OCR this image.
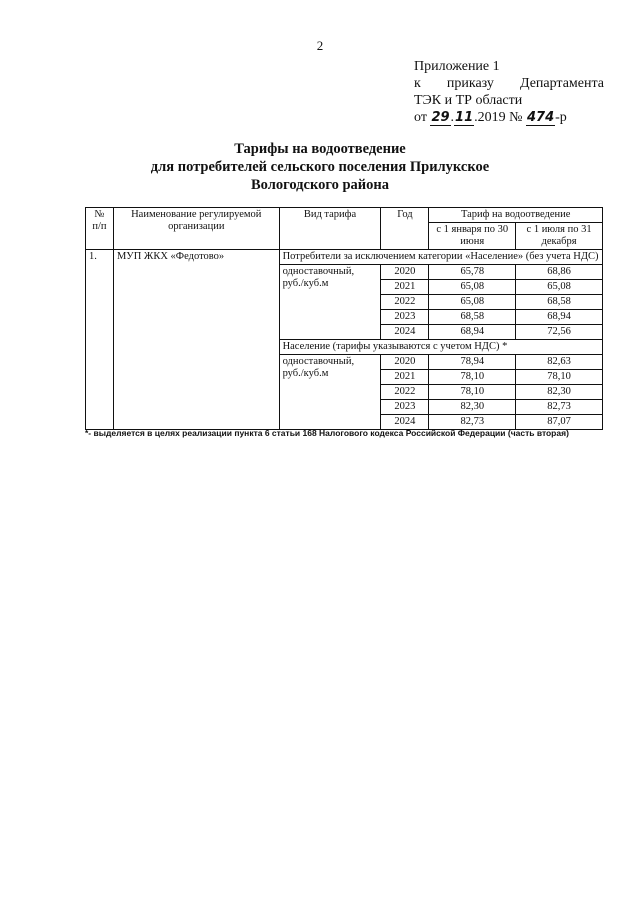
2
Приложение 1
к приказу Департамента
ТЭК и ТР области
от 29.11.2019 № 474-р
Тарифы на водоотведение
для потребителей сельского поселения Прилукское
Вологодского района
№ п/п	Наименование регулируемой организации	Вид тарифа	Год	Тариф на водоотведение	
				с 1 января по 30 июня	с 1 июля по 31 декабря
1.	МУП ЖКХ «Федотово»	Потребители за исключением категории «Население» (без учета НДС)			
		одноставочный, руб./куб.м	2020	65,78	68,86
			2021	65,08	65,08
			2022	65,08	68,58
			2023	68,58	68,94
			2024	68,94	72,56
		Население (тарифы указываются с учетом НДС) *			
		одноставочный, руб./куб.м	2020	78,94	82,63
			2021	78,10	78,10
			2022	78,10	82,30
			2023	82,30	82,73
			2024	82,73	87,07
*- выделяется в целях реализации пункта 6 статьи 168 Налогового кодекса Российской Федерации (часть вторая)
